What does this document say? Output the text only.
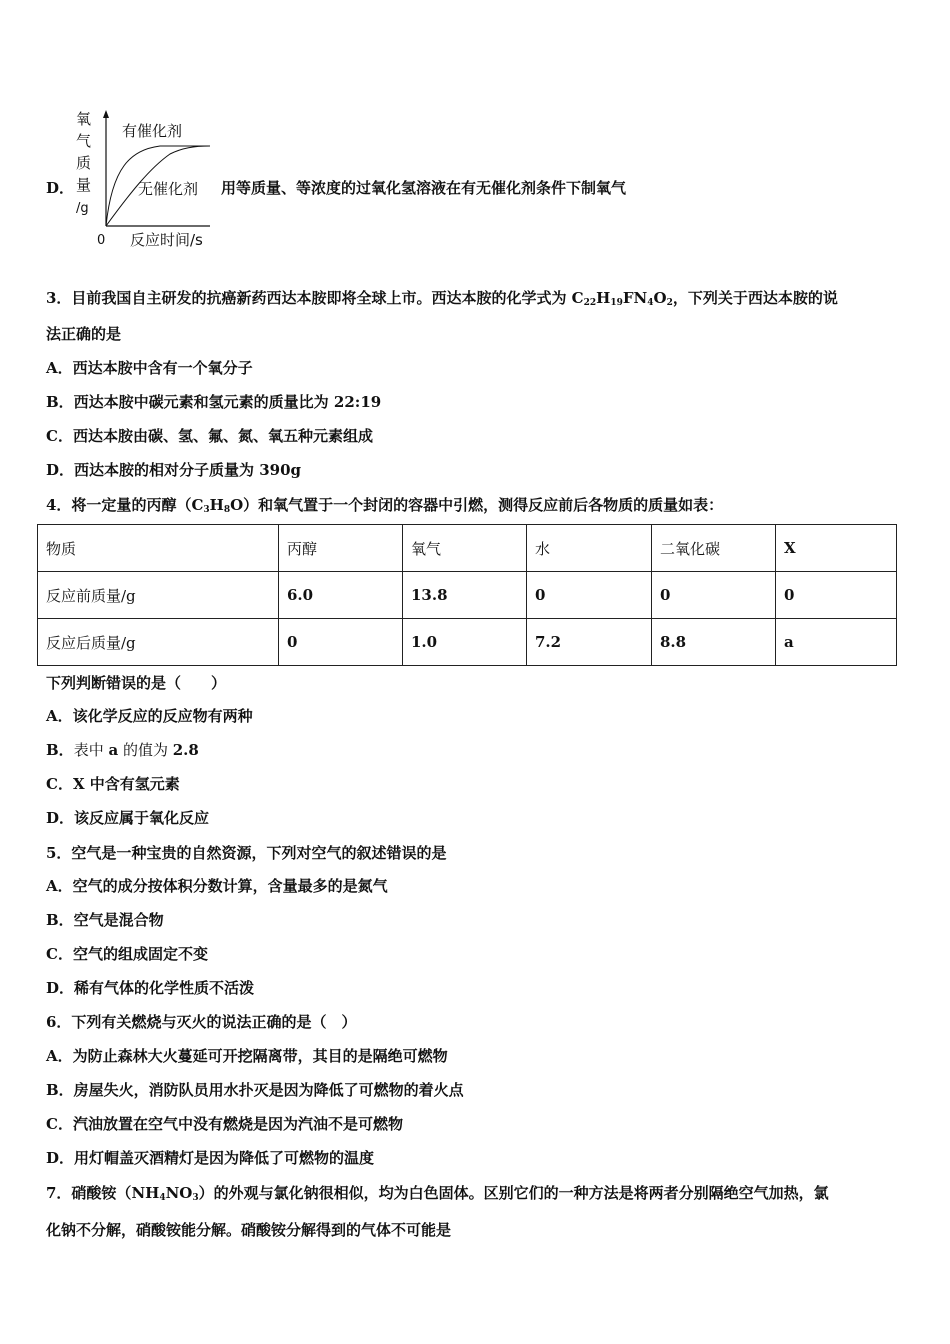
D．
氧
气
质
量
/g
0 反应时间/s
有催化剂
无催化剂 用等质量、等浓度的过氧化氢溶液在有无催化剂条件下制氧气
3．目前我国自主研发的抗癌新药西达本胺即将全球上市。西达本胺的化学式为 $C_{22}H_{19}FN_4O_2$，下列关于西达本胺的说
法正确的是
A．西达本胺中含有一个氧分子
B．西达本胺中碳元素和氢元素的质量比为 22:19
C．西达本胺由碳、氢、氟、氮、氧五种元素组成
D．西达本胺的相对分子质量为 390g
4．将一定量的丙醇$(C_3H_8O)$和氧气置于一个封闭的容器中引燃，测得反应前后各物质的质量如表：
物质	丙醇	氧气	水	二氧化碳	X
反应前质量/g	6.0	13.8	0	0	0
反应后质量/g	0	1.0	7.2	8.8	a
下列判断错误的是（　　）
A．该化学反应的反应物有两种
B．表中 a 的值为 2.8
C．X 中含有氢元素
D．该反应属于氧化反应
5．空气是一种宝贵的自然资源，下列对空气的叙述错误的是
A．空气的成分按体积分数计算，含量最多的是氮气
B．空气是混合物
C．空气的组成固定不变
D．稀有气体的化学性质不活泼
6．下列有关燃烧与灭火的说法正确的是（　）
A．为防止森林大火蔓延可开挖隔离带，其目的是隔绝可燃物
B．房屋失火，消防队员用水扑灭是因为降低了可燃物的着火点
C．汽油放置在空气中没有燃烧是因为汽油不是可燃物
D．用灯帽盖灭酒精灯是因为降低了可燃物的温度
7．硝酸铵$(NH_4NO_3)$的外观与氯化钠很相似，均为白色固体。区别它们的一种方法是将两者分别隔绝空气加热，氯
化钠不分解，硝酸铵能分解。硝酸铵分解得到的气体不可能是
